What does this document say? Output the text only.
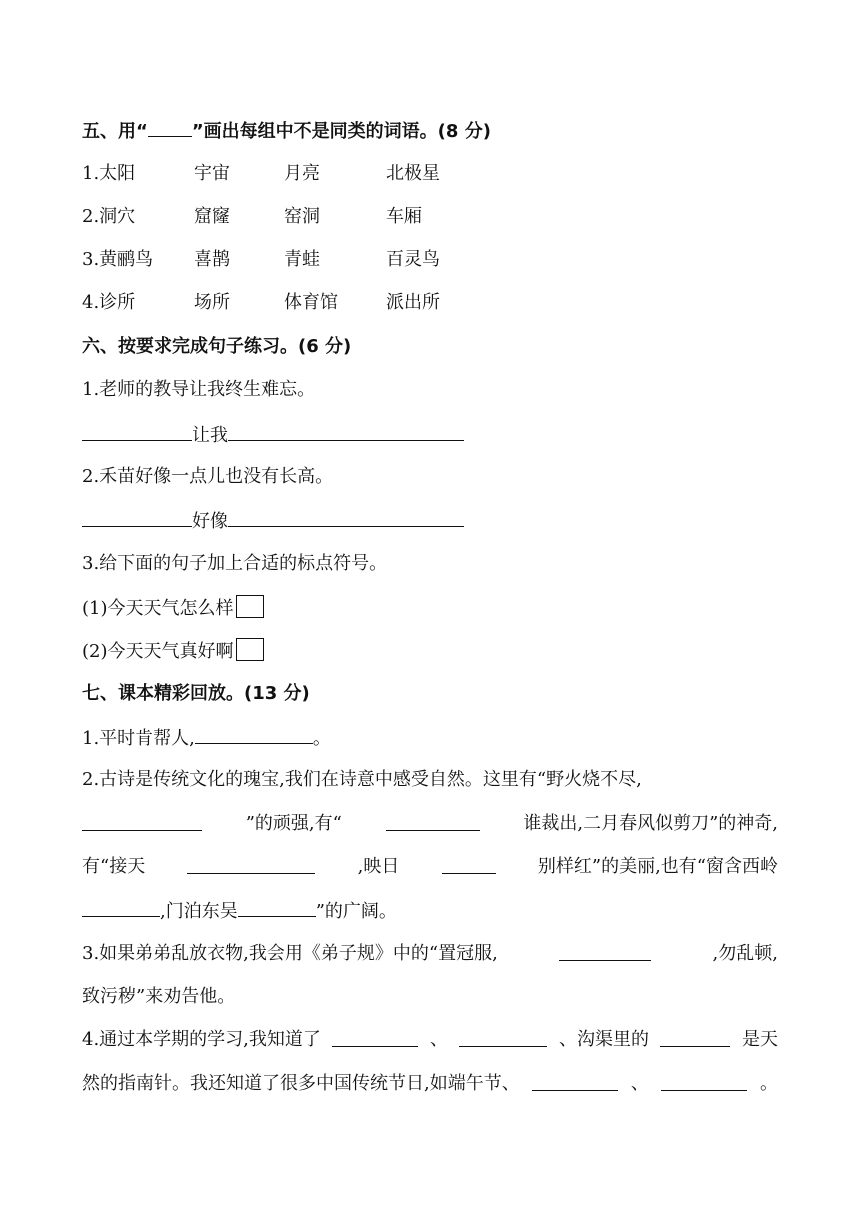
五、用“ ”画出每组中不是同类的词语。(8 分)
1.太阳	宇宙	月亮	北极星
2.洞穴	窟窿	窑洞	车厢
3.黄鹂鸟 喜鹊	青蛙	百灵鸟
4.诊所	场所	体育馆	派出所
六、按要求完成句子练习。(6 分)
1.老师的教导让我终生难忘。
让我
2.禾苗好像一点儿也没有长高。
好像
3.给下面的句子加上合适的标点符号。
(1)今天天气怎么样
(2)今天天气真好啊
七、课本精彩回放。(13 分)
1.平时肯帮人,	。
2.古诗是传统文化的瑰宝,我们在诗意中感受自然。这里有“野火烧不尽,
”的顽强,有“	谁裁出,二月春风似剪刀”的神奇,
有“接天	,映日	别样红”的美丽,也有“窗含西岭
,门泊东吴	”的广阔。
3.如果弟弟乱放衣物,我会用《弟子规》中的“置冠服,	,勿乱顿,
致污秽”来劝告他。
4.通过本学期的学习,我知道了	、	、沟渠里的	是天
然的指南针。我还知道了很多中国传统节日,如端午节、	、	。
